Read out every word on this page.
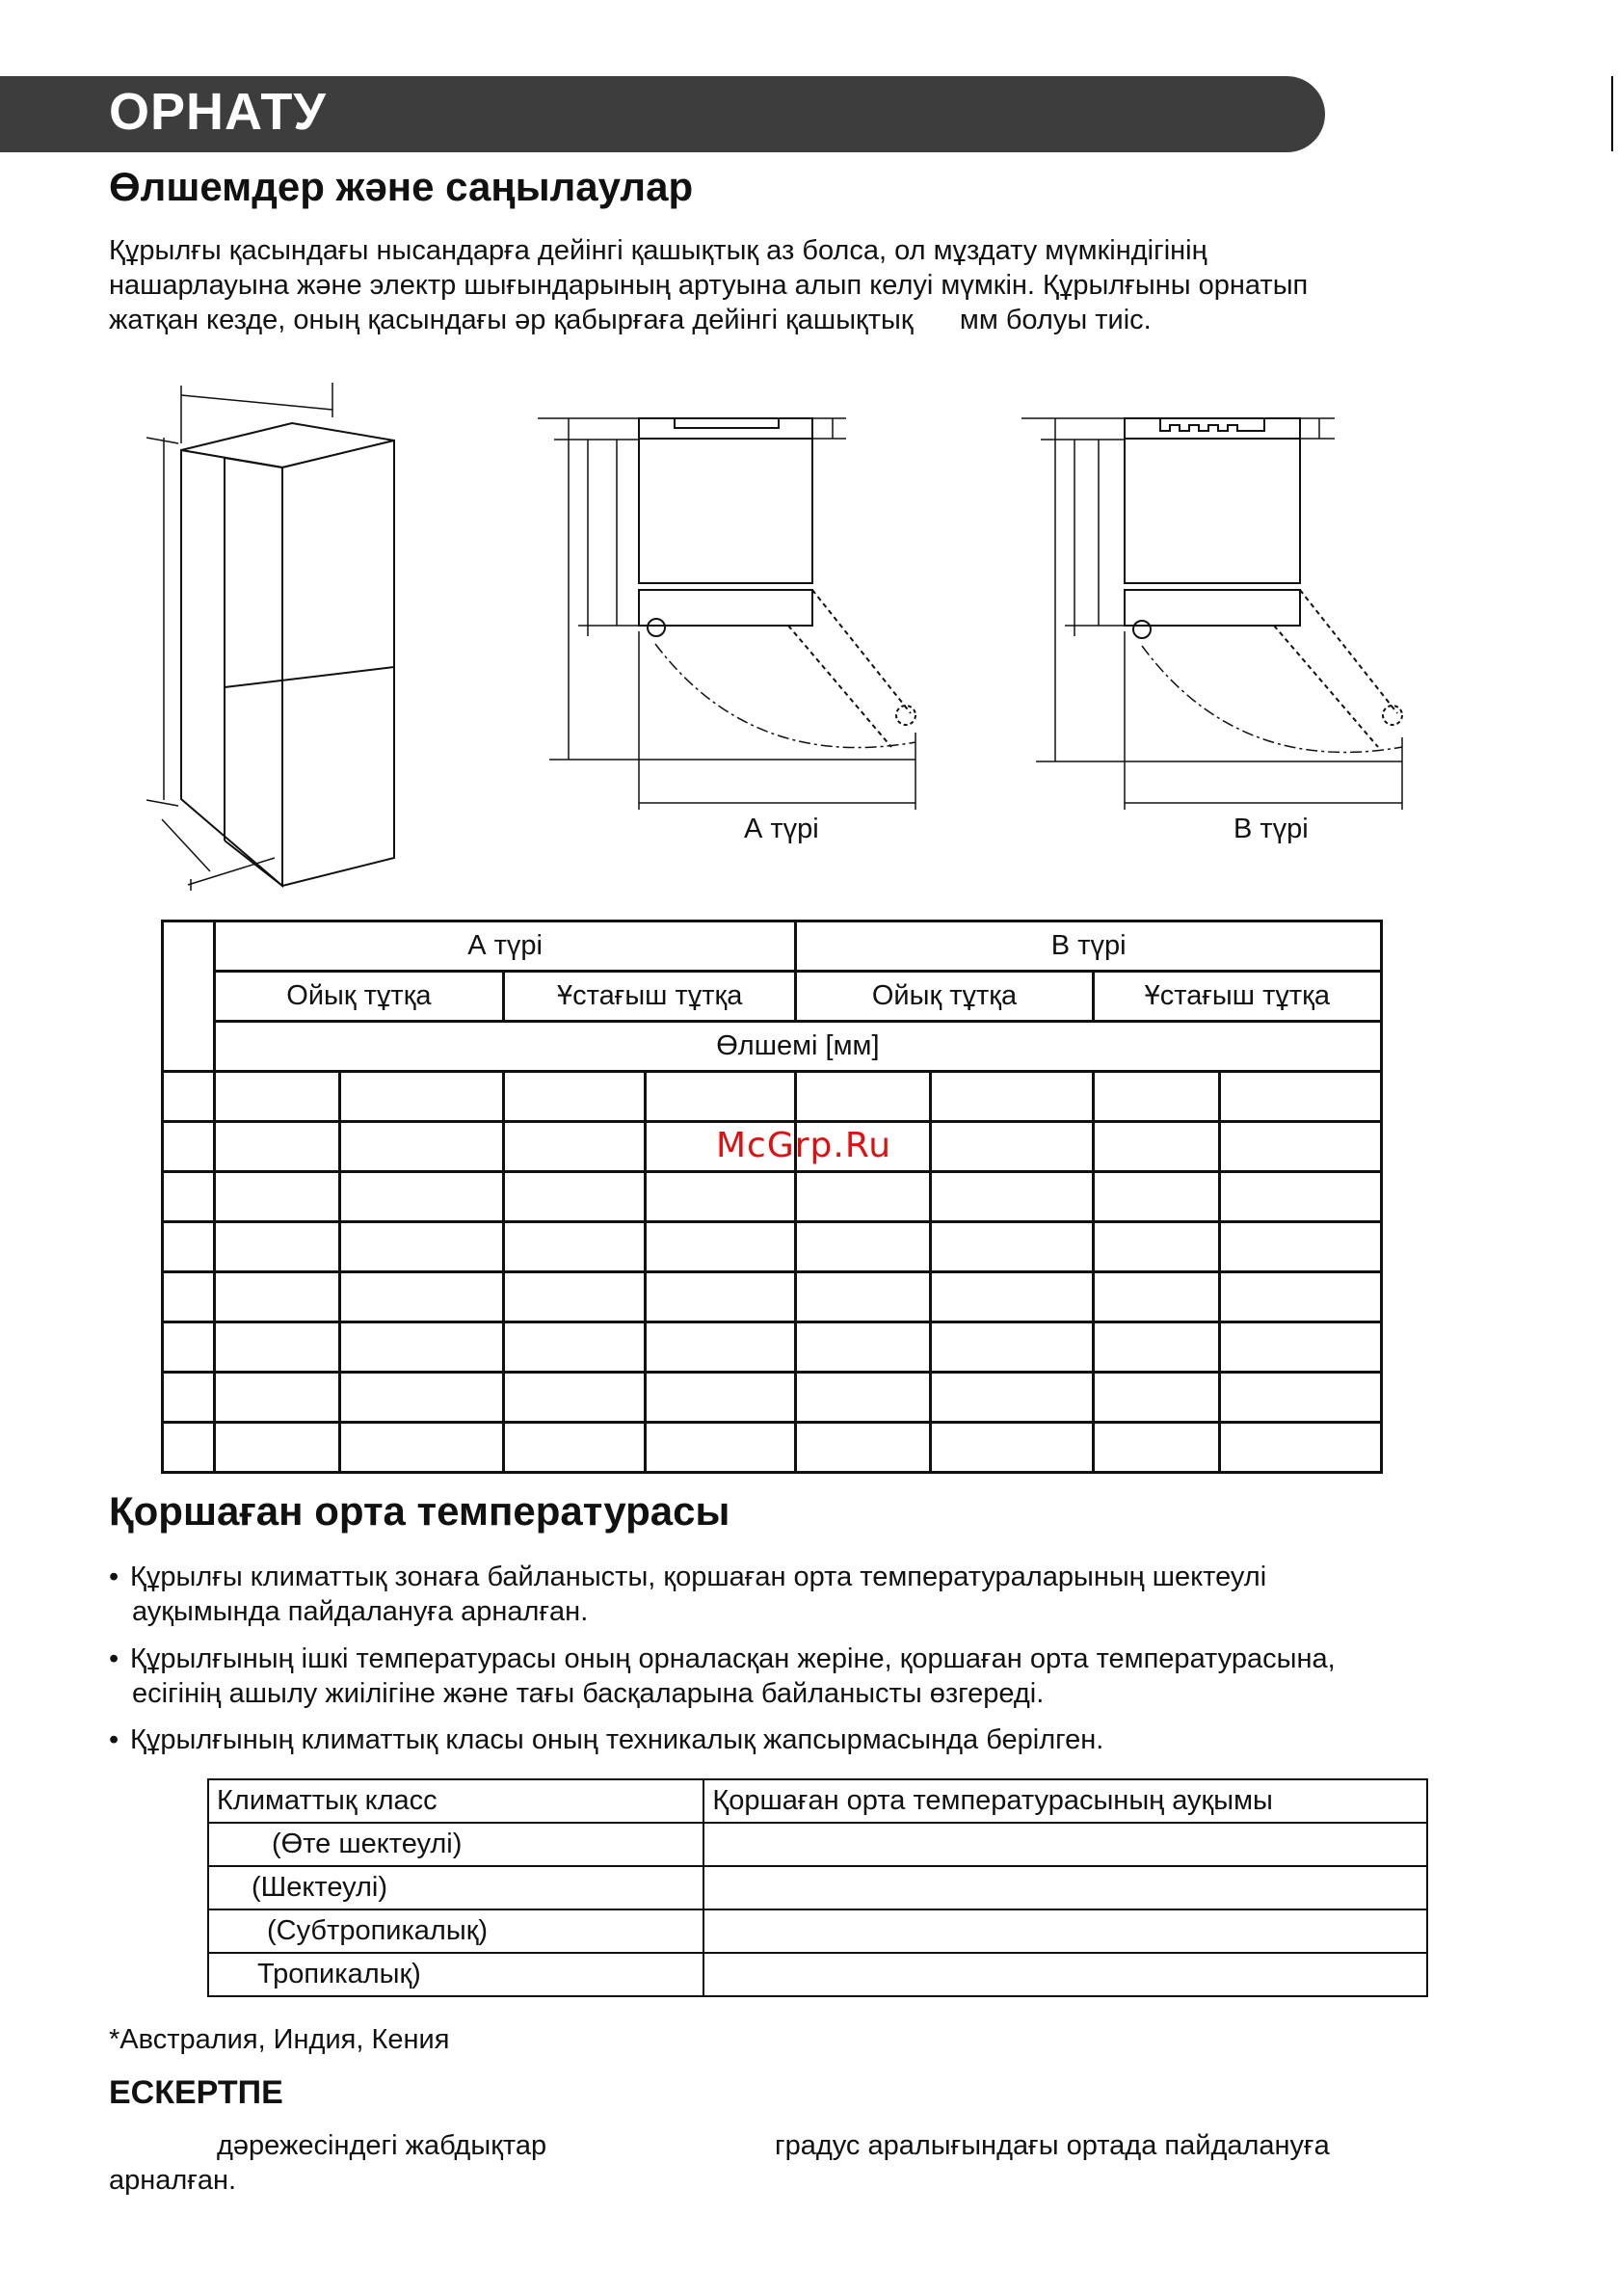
ОРНАТУ
Өлшемдер және саңылаулар
Құрылғы қасындағы нысандарға дейінгі қашықтық аз болса, ол мұздату мүмкіндігінің
нашарлауына және электр шығындарының артуына алып келуі мүмкін. Құрылғыны орнатып
жатқан кезде, оның қасындағы әр қабырғаға дейінгі қашықтық      мм болуы тиіс.
А түрі	В түрі
	А түрі				В түрі			
	Ойық тұтқа		Ұстағыш тұтқа		Ойық тұтқа		Ұстағыш тұтқа	
	Өлшемі [мм]							

McGrp.Ru
Қоршаған орта температурасы
• Құрылғы климаттық зонаға байланысты, қоршаған орта температураларының шектеулі
ауқымында пайдалануға арналған.
• Құрылғының ішкі температурасы оның орналасқан жеріне, қоршаған орта температурасына,
есігінің ашылу жиілігіне және тағы басқаларына байланысты өзгереді.
• Құрылғының климаттық класы оның техникалық жапсырмасында берілген.
Климаттық класс	Қоршаған орта температурасының ауқымы
(Өте шектеулі)	
(Шектеулі)	
(Субтропикалық)	
Тропикалық)	
*Австралия, Индия, Кения
ЕСКЕРТПЕ
дәрежесіндегі жабдықтар	градус аралығындағы ортада пайдалануға
арналған.
